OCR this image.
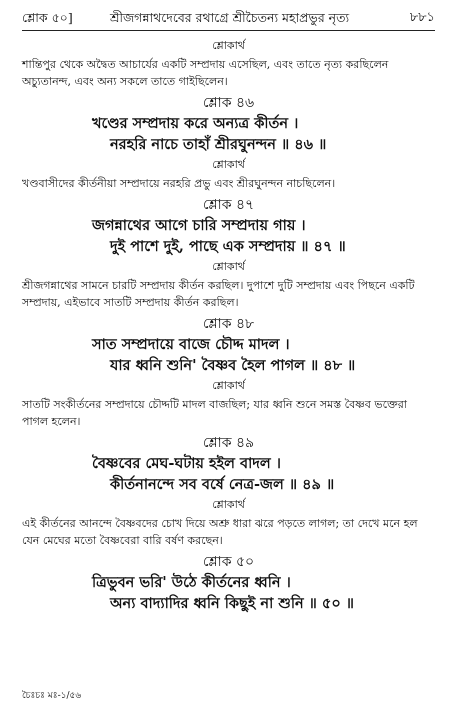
শ্লোক ৫০]	শ্রীজগন্নাথদেবের রথাগ্রে শ্রীচৈতন্য মহাপ্রভুর নৃত্য	৮৮১
শ্লোকার্থ
শান্তিপুর থেকে অদ্বৈত আচার্যের একটি সম্প্রদায় এসেছিল, এবং তাতে নৃত্য করছিলেন অচ্যুতানন্দ, এবং অন্য সকলে তাতে গাইছিলেন।
শ্লোক ৪৬
খণ্ডের সম্প্রদায় করে অন্যত্র কীর্তন ।
নরহরি নাচে তাহাঁ শ্রীরঘুনন্দন ॥ ৪৬ ॥
শ্লোকার্থ
খণ্ডবাসীদের কীর্তনীয়া সম্প্রদায়ে নরহরি প্রভু এবং শ্রীরঘুনন্দন নাচছিলেন।
শ্লোক ৪৭
জগন্নাথের আগে চারি সম্প্রদায় গায় ।
দুই পাশে দুই, পাছে এক সম্প্রদায় ॥ ৪৭ ॥
শ্লোকার্থ
শ্রীজগন্নাথের সামনে চারটি সম্প্রদায় কীর্তন করছিল। দুপাশে দুটি সম্প্রদায় এবং পিছনে একটি সম্প্রদায়, এইভাবে সাতটি সম্প্রদায় কীর্তন করছিল।
শ্লোক ৪৮
সাত সম্প্রদায়ে বাজে চৌদ্দ মাদল ।
যার ধ্বনি শুনি' বৈষ্ণব হৈল পাগল ॥ ৪৮ ॥
শ্লোকার্থ
সাতটি সংকীর্তনের সম্প্রদায়ে চৌদ্দটি মাদল বাজছিল; যার ধ্বনি শুনে সমস্ত বৈষ্ণব ভক্তেরা পাগল হলেন।
শ্লোক ৪৯
বৈষ্ণবের মেঘ-ঘটায় হইল বাদল ।
কীর্তনানন্দে সব বর্ষে নেত্র-জল ॥ ৪৯ ॥
শ্লোকার্থ
এই কীর্তনের আনন্দে বৈষ্ণবদের চোখ দিয়ে অশ্রু ধারা ঝরে পড়তে লাগল; তা দেখে মনে হল যেন মেঘের মতো বৈষ্ণবেরা বারি বর্ষণ করছেন।
শ্লোক ৫০
ত্রিভুবন ভরি' উঠে কীর্তনের ধ্বনি ।
অন্য বাদ্যাদির ধ্বনি কিছুই না শুনি ॥ ৫০ ॥
চৈঃচঃ মঃ-১/৫৬
